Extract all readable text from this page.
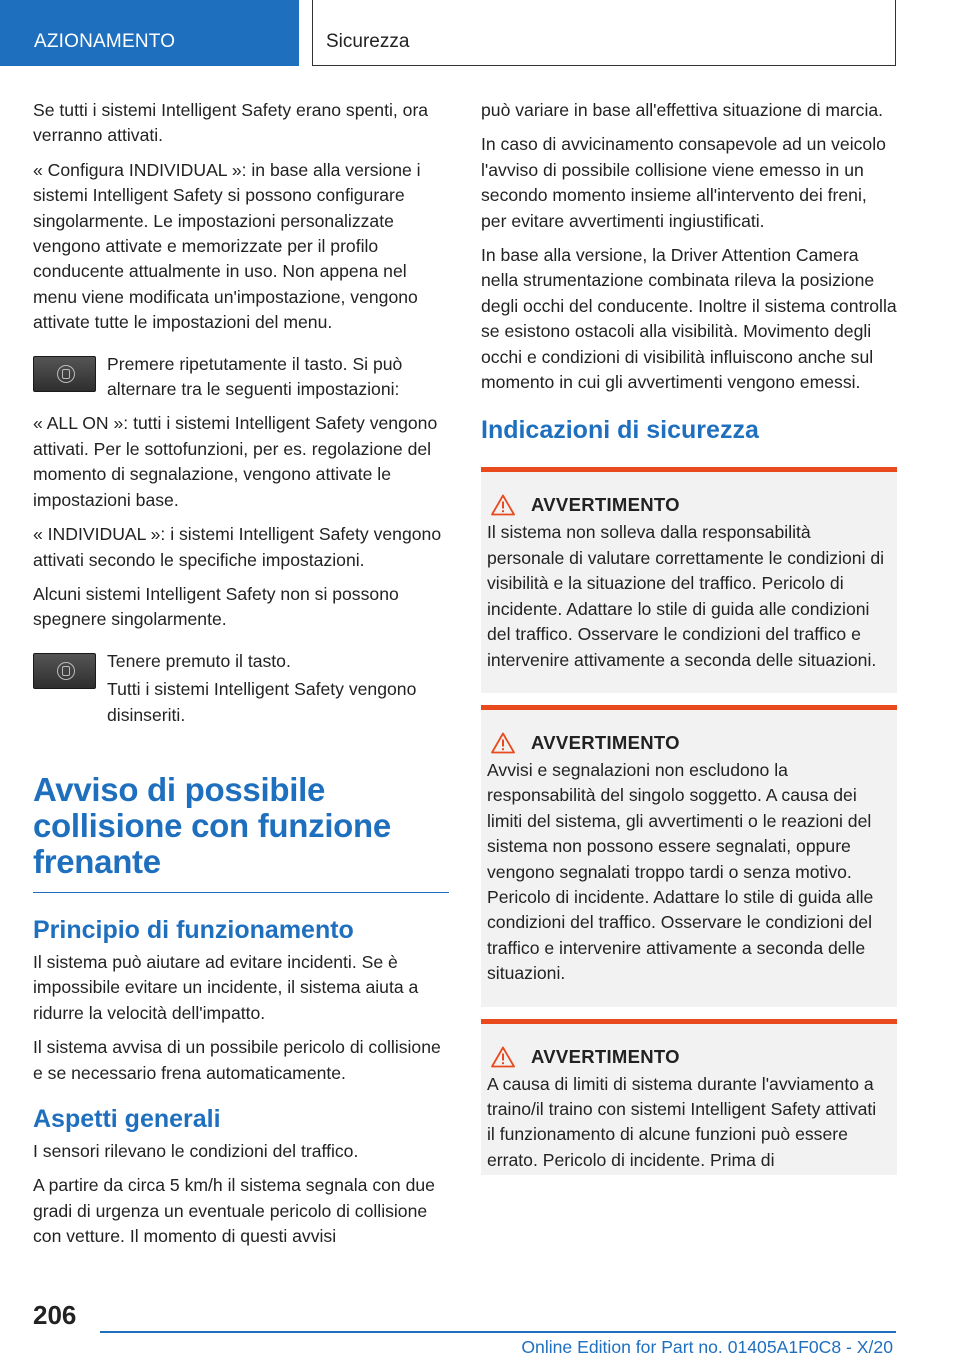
AZIONAMENTO	Sicurezza

Se tutti i sistemi Intelligent Safety erano spenti, ora verranno attivati.

« Configura INDIVIDUAL »: in base alla versione i sistemi Intelligent Safety si possono configurare singolarmente. Le impostazioni personalizzate vengono attivate e memorizzate per il profilo conducente attualmente in uso. Non appena nel menu viene modificata un'impostazione, vengono attivate tutte le impostazioni del menu.

Premere ripetutamente il tasto. Si può alternare tra le seguenti impostazioni:

« ALL ON »: tutti i sistemi Intelligent Safety vengono attivati. Per le sottofunzioni, per es. regolazione del momento di segnalazione, vengono attivate le impostazioni base.

« INDIVIDUAL »: i sistemi Intelligent Safety vengono attivati secondo le specifiche impostazioni.

Alcuni sistemi Intelligent Safety non si possono spegnere singolarmente.

Tenere premuto il tasto.

Tutti i sistemi Intelligent Safety vengono disinseriti.

Avviso di possibile collisione con funzione frenante
Principio di funzionamento

Il sistema può aiutare ad evitare incidenti. Se è impossibile evitare un incidente, il sistema aiuta a ridurre la velocità dell'impatto.

Il sistema avvisa di un possibile pericolo di collisione e se necessario frena automaticamente.

Aspetti generali

I sensori rilevano le condizioni del traffico.

A partire da circa 5 km/h il sistema segnala con due gradi di urgenza un eventuale pericolo di collisione con vetture. Il momento di questi avvisi

può variare in base all'effettiva situazione di marcia.

In caso di avvicinamento consapevole ad un veicolo l'avviso di possibile collisione viene emesso in un secondo momento insieme all'intervento dei freni, per evitare avvertimenti ingiustificati.

In base alla versione, la Driver Attention Camera nella strumentazione combinata rileva la posizione degli occhi del conducente. Inoltre il sistema controlla se esistono ostacoli alla visibilità. Movimento degli occhi e condizioni di visibilità influiscono anche sul momento in cui gli avvertimenti vengono emessi.

Indicazioni di sicurezza
AVVERTIMENTO

Il sistema non solleva dalla responsabilità personale di valutare correttamente le condizioni di visibilità e la situazione del traffico. Pericolo di incidente. Adattare lo stile di guida alle condizioni del traffico. Osservare le condizioni del traffico e intervenire attivamente a seconda delle situazioni.

AVVERTIMENTO

Avvisi e segnalazioni non escludono la responsabilità del singolo soggetto. A causa dei limiti del sistema, gli avvertimenti o le reazioni del sistema non possono essere segnalati, oppure vengono segnalati troppo tardi o senza motivo. Pericolo di incidente. Adattare lo stile di guida alle condizioni del traffico. Osservare le condizioni del traffico e intervenire attivamente a seconda delle situazioni.

AVVERTIMENTO

A causa di limiti di sistema durante l'avviamento a traino/il traino con sistemi Intelligent Safety attivati il funzionamento di alcune funzioni può essere errato. Pericolo di incidente. Prima di

206
Online Edition for Part no. 01405A1F0C8 - X/20
